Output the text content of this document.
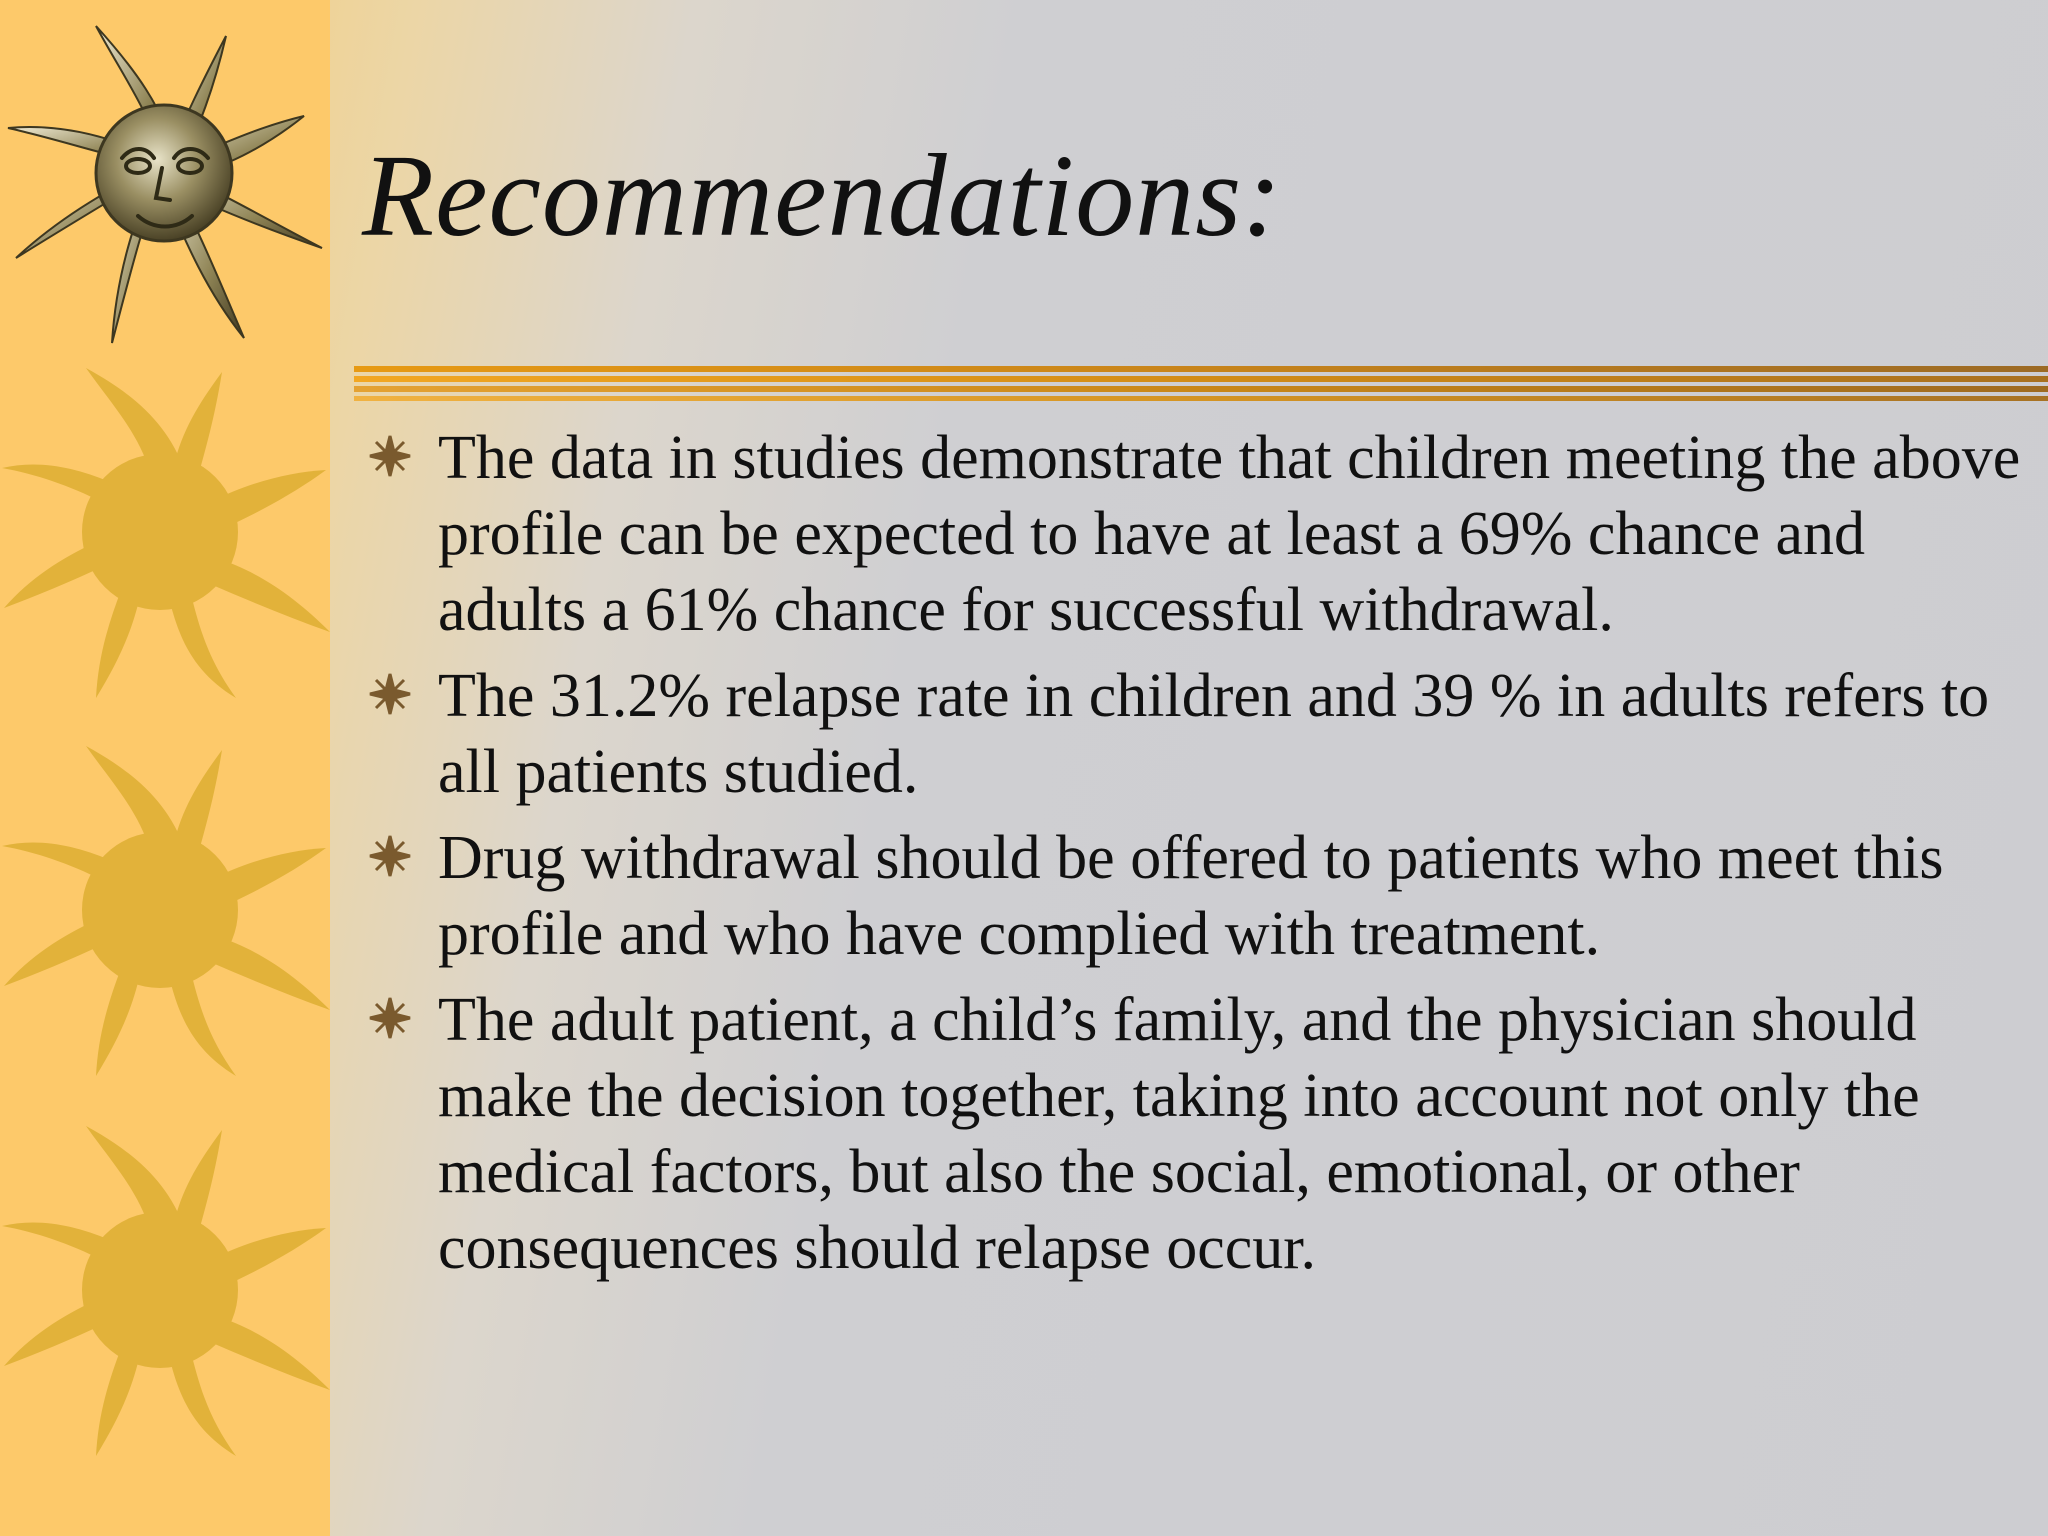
Recommendations:
The data in studies demonstrate that children meeting the above profile can be expected to have at least a 69% chance and adults a 61% chance for successful withdrawal.
The 31.2% relapse rate in children and 39 % in adults refers to all patients studied.
Drug withdrawal should be offered to patients who meet this profile and who have complied with treatment.
The adult patient, a child’s family, and the physician should make the decision together, taking into account not only the medical factors, but also the social, emotional, or other consequences should relapse occur.
